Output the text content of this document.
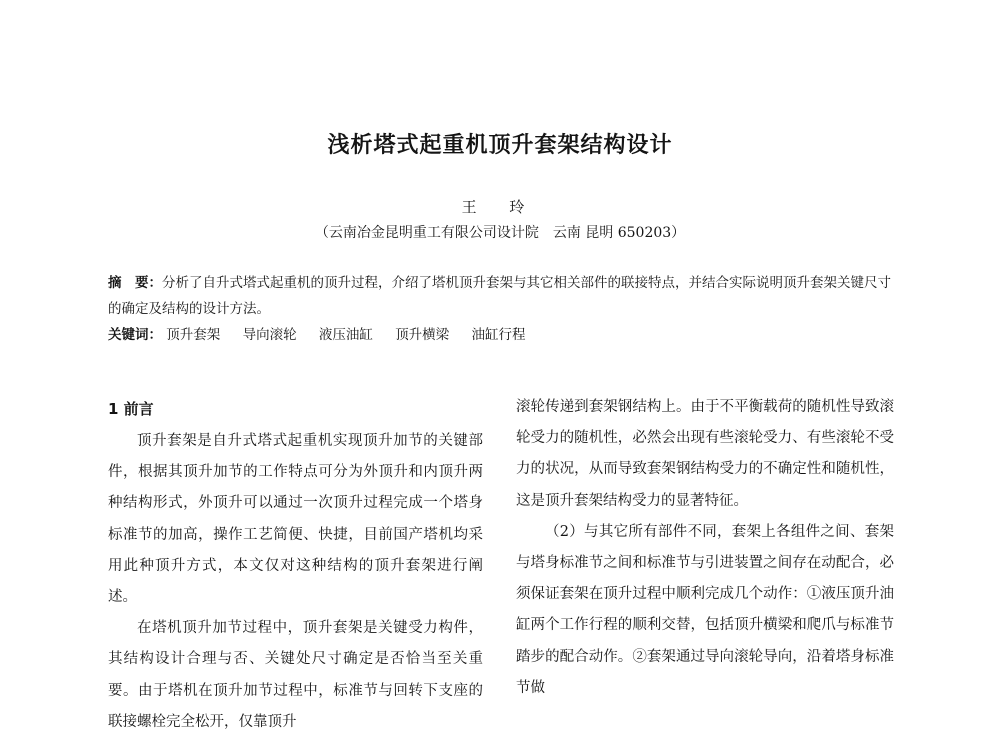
浅析塔式起重机顶升套架结构设计
王 玲
（云南冶金昆明重工有限公司设计院　云南 昆明 650203）
摘　要：分析了自升式塔式起重机的顶升过程，介绍了塔机顶升套架与其它相关部件的联接特点，并结合实际说明顶升套架关键尺寸的确定及结构的设计方法。
关键词： 顶升套架 导向滚轮 液压油缸 顶升横梁 油缸行程
1 前言

顶升套架是自升式塔式起重机实现顶升加节的关键部件，根据其顶升加节的工作特点可分为外顶升和内顶升两种结构形式，外顶升可以通过一次顶升过程完成一个塔身标准节的加高，操作工艺简便、快捷，目前国产塔机均采用此种顶升方式，本文仅对这种结构的顶升套架进行阐述。

在塔机顶升加节过程中，顶升套架是关键受力构件，其结构设计合理与否、关键处尺寸确定是否恰当至关重要。由于塔机在顶升加节过程中，标准节与回转下支座的联接螺栓完全松开，仅靠顶升

滚轮传递到套架钢结构上。由于不平衡载荷的随机性导致滚轮受力的随机性，必然会出现有些滚轮受力、有些滚轮不受力的状况，从而导致套架钢结构受力的不确定性和随机性，这是顶升套架结构受力的显著特征。

（2）与其它所有部件不同，套架上各组件之间、套架与塔身标准节之间和标准节与引进装置之间存在动配合，必须保证套架在顶升过程中顺利完成几个动作：①液压顶升油缸两个工作行程的顺利交替，包括顶升横梁和爬爪与标准节踏步的配合动作。②套架通过导向滚轮导向，沿着塔身标准节做
